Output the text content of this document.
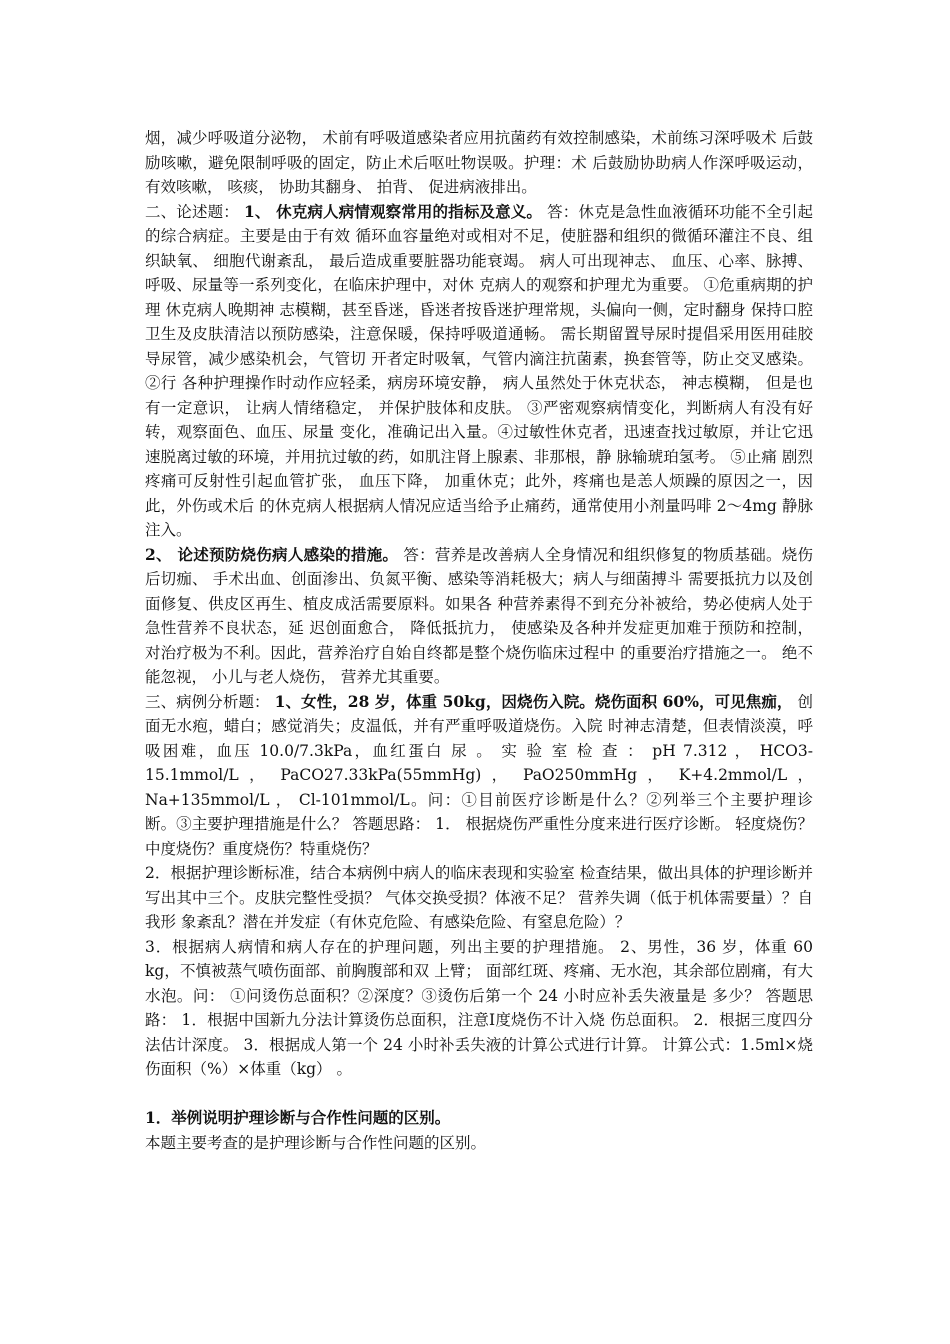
烟，减少呼吸道分泌物， 术前有呼吸道感染者应用抗菌药有效控制感染，术前练习深呼吸术 后鼓励咳嗽，避免限制呼吸的固定，防止术后呕吐物误吸。护理：术 后鼓励协助病人作深呼吸运动， 有效咳嗽， 咳痰， 协助其翻身、 拍背、 促进病液排出。

二、论述题： 1、 休克病人病情观察常用的指标及意义。 答：休克是急性血液循环功能不全引起的综合病症。主要是由于有效 循环血容量绝对或相对不足，使脏器和组织的微循环灌注不良、组织缺氧、 细胞代谢紊乱， 最后造成重要脏器功能衰竭。 病人可出现神志、 血压、心率、脉搏、呼吸、尿量等一系列变化，在临床护理中，对休 克病人的观察和护理尤为重要。 ①危重病期的护理 休克病人晚期神 志模糊，甚至昏迷，昏迷者按昏迷护理常规，头偏向一侧，定时翻身 保持口腔卫生及皮肤清洁以预防感染，注意保暖，保持呼吸道通畅。 需长期留置导尿时提倡采用医用硅胶导尿管，减少感染机会，气管切 开者定时吸氧，气管内滴注抗菌素，换套管等，防止交叉感染。②行 各种护理操作时动作应轻柔，病房环境安静， 病人虽然处于休克状态， 神志模糊， 但是也有一定意识， 让病人情绪稳定， 并保护肢体和皮肤。 ③严密观察病情变化，判断病人有没有好转，观察面色、血压、尿量 变化，准确记出入量。④过敏性休克者，迅速查找过敏原，并让它迅 速脱离过敏的环境，并用抗过敏的药，如肌注肾上腺素、非那根，静 脉输琥珀氢考。 ⑤止痛 剧烈疼痛可反射性引起血管扩张， 血压下降， 加重休克；此外，疼痛也是恙人烦躁的原因之一，因此，外伤或术后 的休克病人根据病人情况应适当给予止痛药，通常使用小剂量吗啡 2～4mg 静脉注入。

2、 论述预防烧伤病人感染的措施。 答：营养是改善病人全身情况和组织修复的物质基础。烧伤后切痂、 手术出血、创面渗出、负氮平衡、感染等消耗极大；病人与细菌搏斗 需要抵抗力以及创面修复、供皮区再生、植皮成活需要原料。如果各 种营养素得不到充分补被给，势必使病人处于急性营养不良状态，延 迟创面愈合， 降低抵抗力， 使感染及各种并发症更加难于预防和控制， 对治疗极为不利。因此，营养治疗自始自终都是整个烧伤临床过程中 的重要治疗措施之一。 绝不能忽视， 小儿与老人烧伤， 营养尤其重要。

三、病例分析题： 1、女性，28 岁，体重 50kg，因烧伤入院。烧伤面积 60%，可见焦痂， 创面无水疱，蜡白；感觉消失；皮温低，并有严重呼吸道烧伤。入院 时神志清楚，但表情淡漠，呼吸困难，血压 10.0/7.3kPa，血红蛋白 尿 。 实 验 室 检 查 ： pH 7.312 ， HCO3-15.1mmol/L ， PaCO27.33kPa(55mmHg) ， PaO250mmHg ， K+4.2mmol/L ， Na+135mmol/L ， Cl-101mmol/L。问：①目前医疗诊断是什么？②列举三个主要护理诊 断。③主要护理措施是什么？ 答题思路： 1． 根据烧伤严重性分度来进行医疗诊断。 轻度烧伤？中度烧伤？重度烧伤？特重烧伤？

2．根据护理诊断标准，结合本病例中病人的临床表现和实验室 检查结果，做出具体的护理诊断并写出其中三个。皮肤完整性受损？ 气体交换受损？体液不足？ 营养失调（低于机体需要量）？自我形 象紊乱？潜在并发症（有休克危险、有感染危险、有窒息危险）？

3．根据病人病情和病人存在的护理问题，列出主要的护理措施。 2、男性，36 岁，体重 60 kg，不慎被蒸气喷伤面部、前胸腹部和双 上臂； 面部红斑、疼痛、无水泡，其余部位剧痛，有大水泡。问： ①问烫伤总面积？②深度？③烫伤后第一个 24 小时应补丢失液量是 多少？ 答题思路： 1．根据中国新九分法计算烫伤总面积，注意Ⅰ度烧伤不计入烧 伤总面积。 2．根据三度四分法估计深度。 3．根据成人第一个 24 小时补丢失液的计算公式进行计算。 计算公式：1.5ml×烧伤面积（%）×体重（kg） 。

1．举例说明护理诊断与合作性问题的区别。

本题主要考查的是护理诊断与合作性问题的区别。
